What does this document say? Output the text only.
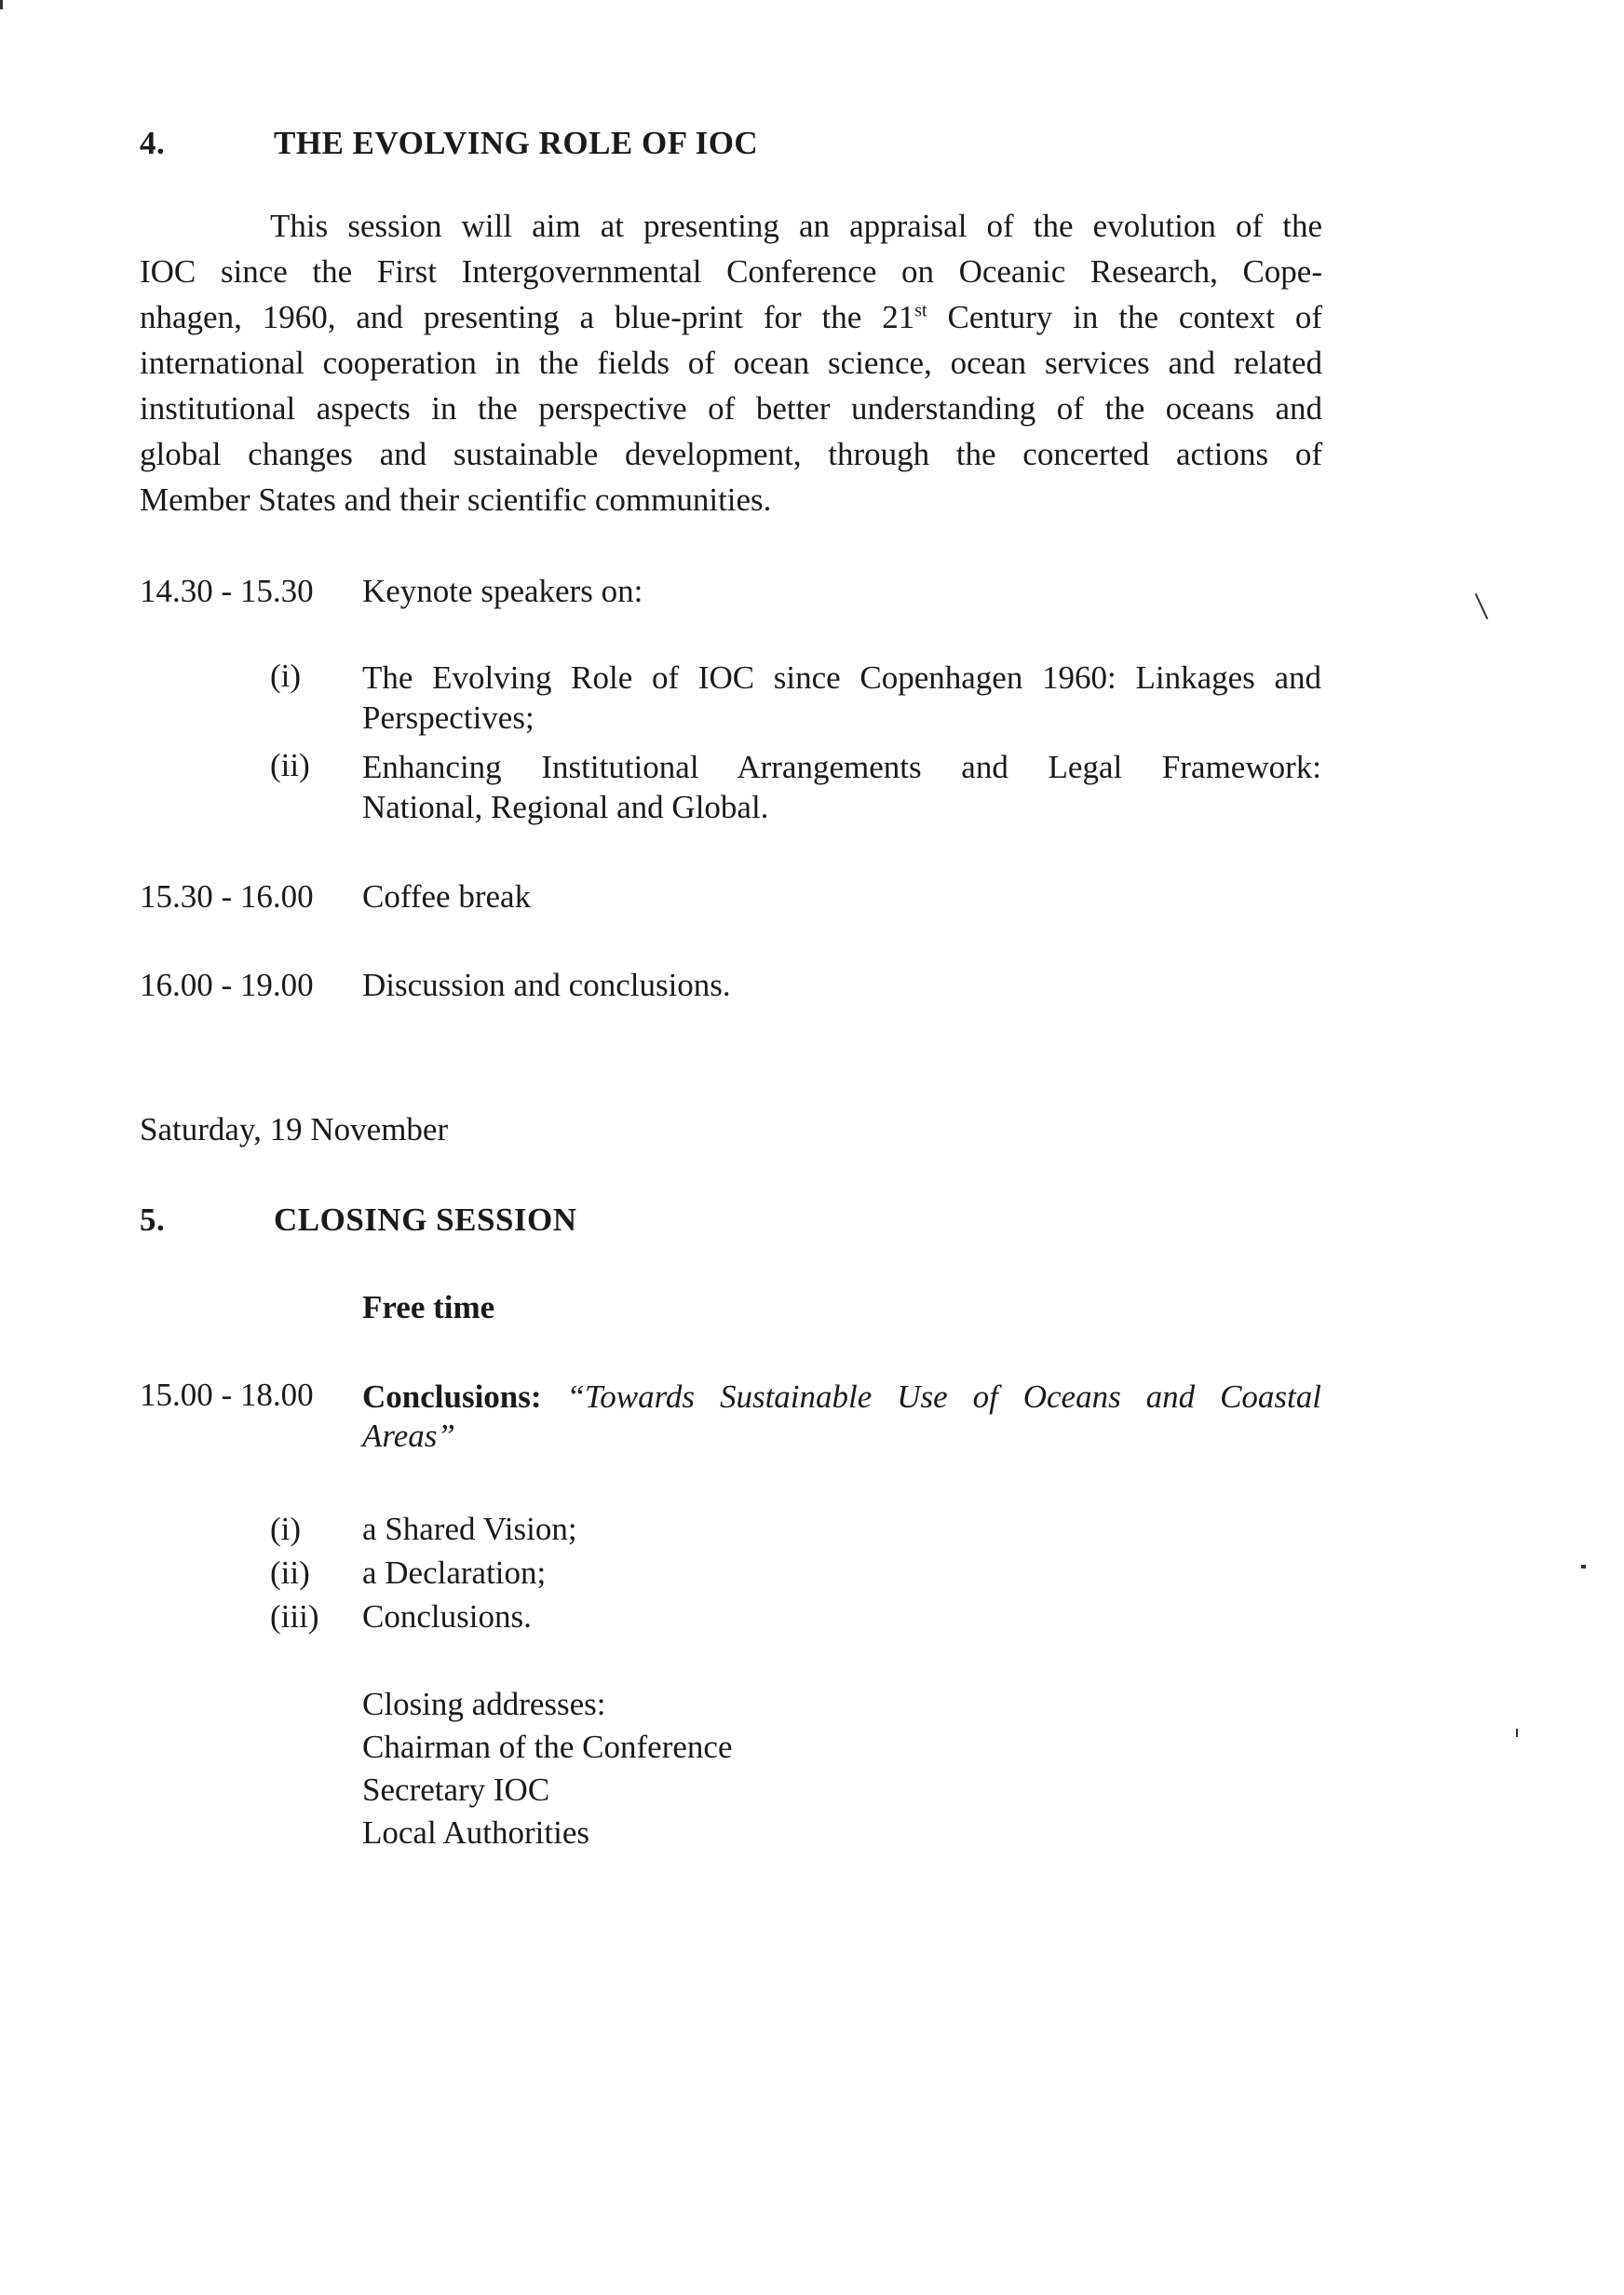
4.	THE EVOLVING ROLE OF IOC
This session will aim at presenting an appraisal of the evolution of the
IOC since the First Intergovernmental Conference on Oceanic Research, Cope-
nhagen, 1960, and presenting a blue-print for the 21st Century in the context of
international cooperation in the fields of ocean science, ocean services and related
institutional aspects in the perspective of better understanding of the oceans and
global changes and sustainable development, through the concerted actions of
Member States and their scientific communities.
14.30 - 15.30 Keynote speakers on:
(i) The Evolving Role of IOC since Copenhagen 1960: Linkages and
Perspectives;
(ii) Enhancing Institutional Arrangements and Legal Framework:
National, Regional and Global.
15.30 - 16.00 Coffee break
16.00 - 19.00 Discussion and conclusions.
Saturday, 19 November
5.	CLOSING SESSION
Free time
15.00 - 18.00 Conclusions: “Towards Sustainable Use of Oceans and Coastal
Areas”
(i) a Shared Vision;
(ii) a Declaration;
(iii) Conclusions.
Closing addresses:
Chairman of the Conference
Secretary IOC
Local Authorities
